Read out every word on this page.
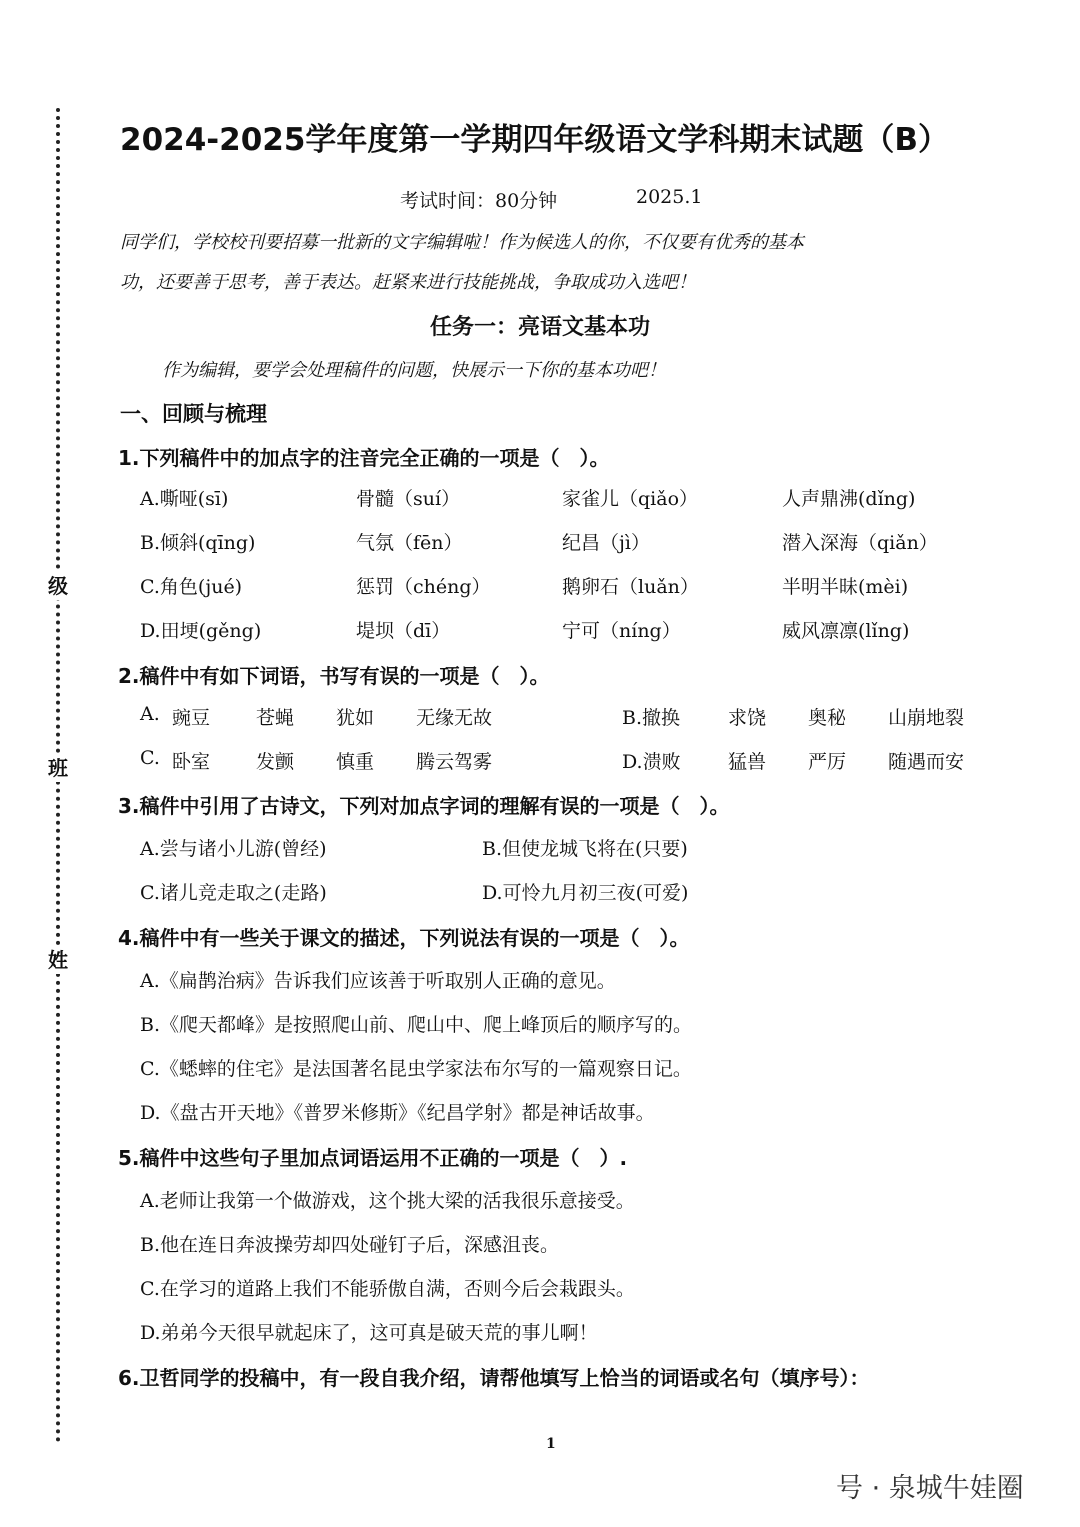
级
班
姓
2024-2025学年度第一学期四年级语文学科期末试题（B）
考试时间：80分钟	2025.1
同学们，学校校刊要招募一批新的文字编辑啦！作为候选人的你，不仅要有优秀的基本
功，还要善于思考，善于表达。赶紧来进行技能挑战，争取成功入选吧！
任务一：亮语文基本功
作为编辑，要学会处理稿件的问题，快展示一下你的基本功吧！
一、回顾与梳理
1.下列稿件中的加点字的注音完全正确的一项是（　）。
A.嘶哑(sī)	骨髓（suí）	家雀儿（qiǎo）	人声鼎沸(dǐng)
B.倾斜(qīng)	气氛（fēn）	纪昌（jì）	潜入深海（qiǎn）
C.角色(jué)	惩罚（chéng）	鹅卵石（luǎn）	半明半昧(mèi)
D.田埂(gěng)	堤坝（dī）	宁可（níng）	威风凛凛(lǐng)
2.稿件中有如下词语，书写有误的一项是（　）。
A. 豌豆 苍蝇 犹如 无缘无故	B.撤换	求饶 奥秘 山崩地裂
C. 卧室 发颤 慎重 腾云驾雾	D.溃败 猛兽 严厉 随遇而安
3.稿件中引用了古诗文，下列对加点字词的理解有误的一项是（　）。
A.尝与诸小儿游(曾经)	B.但使龙城飞将在(只要)
C.诸儿竞走取之(走路)	D.可怜九月初三夜(可爱)
4.稿件中有一些关于课文的描述，下列说法有误的一项是（　）。
A.《扁鹊治病》告诉我们应该善于听取别人正确的意见。
B.《爬天都峰》是按照爬山前、爬山中、爬上峰顶后的顺序写的。
C.《蟋蟀的住宅》是法国著名昆虫学家法布尔写的一篇观察日记。
D.《盘古开天地》《普罗米修斯》《纪昌学射》都是神话故事。
5.稿件中这些句子里加点词语运用不正确的一项是（　）.
A.老师让我第一个做游戏，这个挑大梁的活我很乐意接受。
B.他在连日奔波操劳却四处碰钉子后，深感沮丧。
C.在学习的道路上我们不能骄傲自满，否则今后会栽跟头。
D.弟弟今天很早就起床了，这可真是破天荒的事儿啊！
6.卫哲同学的投稿中，有一段自我介绍，请帮他填写上恰当的词语或名句（填序号）：
1
号 · 泉城牛娃圈
